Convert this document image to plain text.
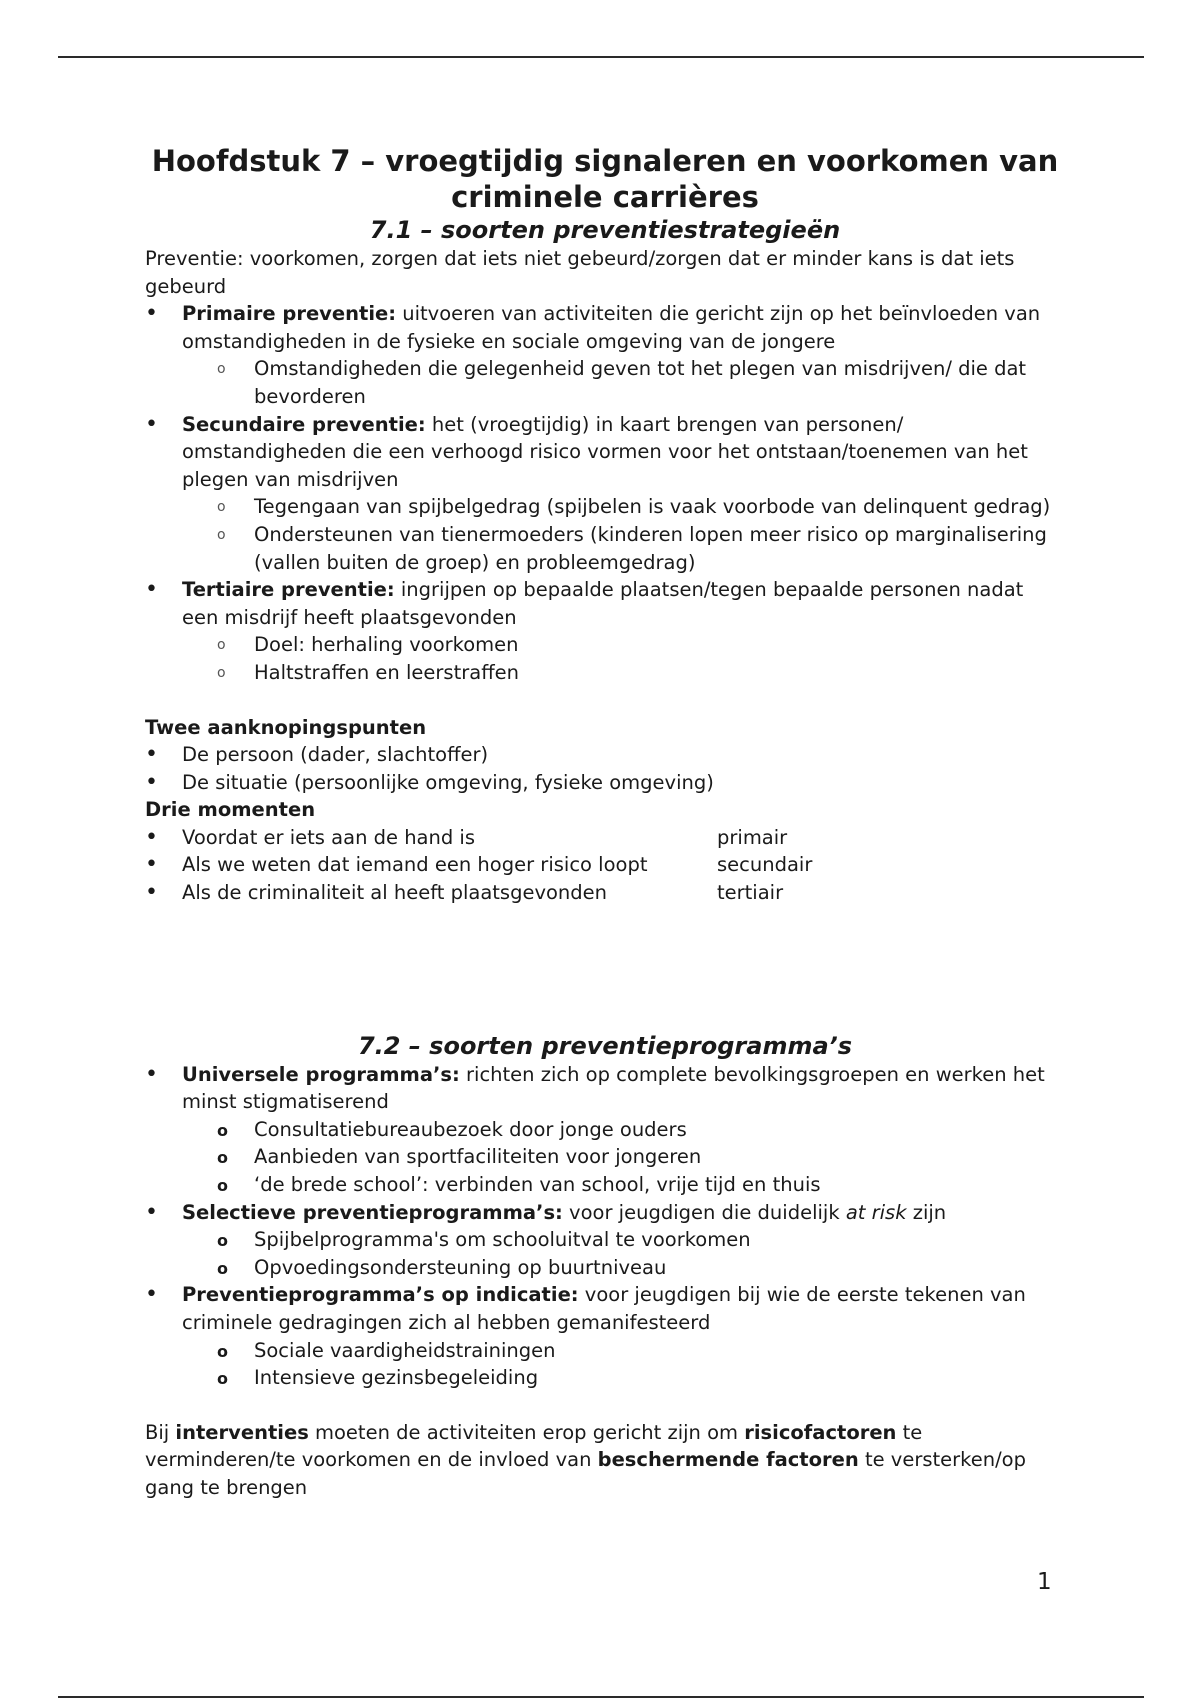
Hoofdstuk 7 – vroegtijdig signaleren en voorkomen van criminele carrières
7.1 – soorten preventiestrategieën

Preventie: voorkomen, zorgen dat iets niet gebeurd/zorgen dat er minder kans is dat iets gebeurd

• Primaire preventie: uitvoeren van activiteiten die gericht zijn op het beïnvloeden van omstandigheden in de fysieke en sociale omgeving van de jongere
o Omstandigheden die gelegenheid geven tot het plegen van misdrijven/ die dat bevorderen
• Secundaire preventie: het (vroegtijdig) in kaart brengen van personen/ omstandigheden die een verhoogd risico vormen voor het ontstaan/toenemen van het plegen van misdrijven
o Tegengaan van spijbelgedrag (spijbelen is vaak voorbode van delinquent gedrag)
o Ondersteunen van tienermoeders (kinderen lopen meer risico op marginalisering (vallen buiten de groep) en probleemgedrag)
• Tertiaire preventie: ingrijpen op bepaalde plaatsen/tegen bepaalde personen nadat een misdrijf heeft plaatsgevonden
o Doel: herhaling voorkomen
o Haltstraffen en leerstraffen

Twee aanknopingspunten

• De persoon (dader, slachtoffer)
• De situatie (persoonlijke omgeving, fysieke omgeving)

Drie momenten

• Voordat er iets aan de hand is	primair
• Als we weten dat iemand een hoger risico loopt	secundair
• Als de criminaliteit al heeft plaatsgevonden	tertiair
7.2 – soorten preventieprogramma’s
• Universele programma’s: richten zich op complete bevolkingsgroepen en werken het minst stigmatiserend
o Consultatiebureaubezoek door jonge ouders
o Aanbieden van sportfaciliteiten voor jongeren
o ‘de brede school’: verbinden van school, vrije tijd en thuis
• Selectieve preventieprogramma’s: voor jeugdigen die duidelijk at risk zijn
o Spijbelprogramma's om schooluitval te voorkomen
o Opvoedingsondersteuning op buurtniveau
• Preventieprogramma’s op indicatie: voor jeugdigen bij wie de eerste tekenen van criminele gedragingen zich al hebben gemanifesteerd
o Sociale vaardigheidstrainingen
o Intensieve gezinsbegeleiding

Bij interventies moeten de activiteiten erop gericht zijn om risicofactoren te verminderen/te voorkomen en de invloed van beschermende factoren te versterken/op gang te brengen

1
